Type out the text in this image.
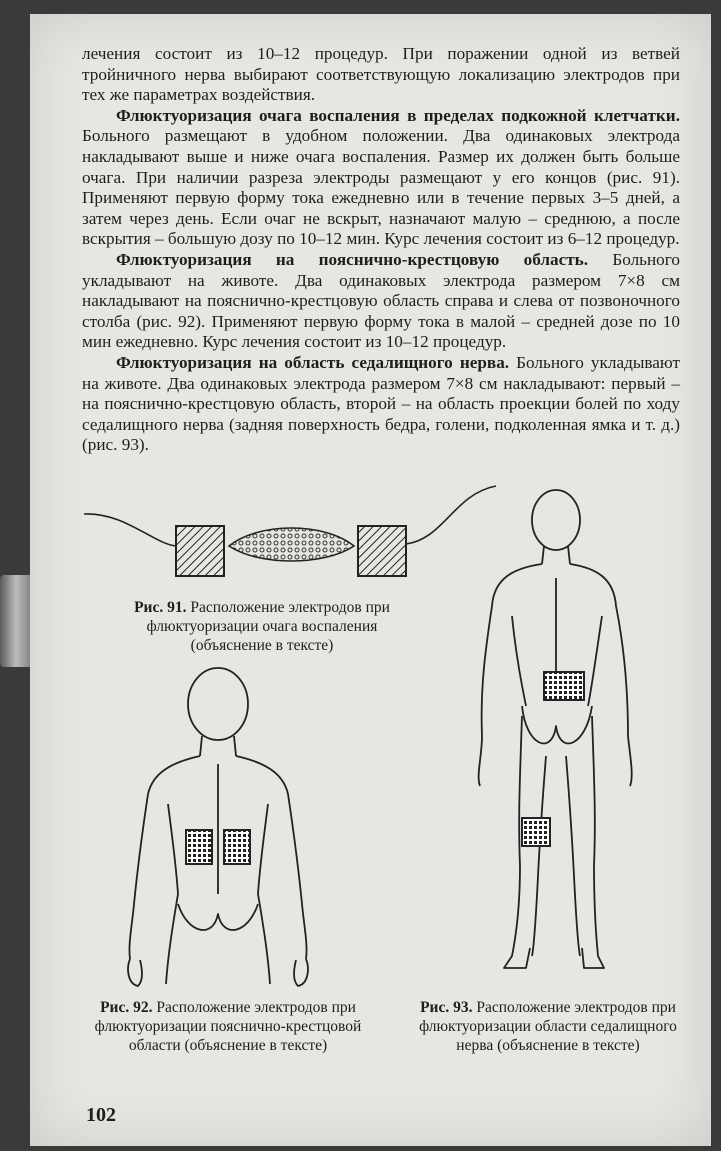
лечения состоит из 10–12 процедур. При поражении одной из ветвей тройничного нерва выбирают соответствующую локализацию электродов при тех же параметрах воздействия.

Флюктуоризация очага воспаления в пределах подкожной клетчатки. Больного размещают в удобном положении. Два одинаковых электрода накладывают выше и ниже очага воспаления. Размер их должен быть больше очага. При наличии разреза электроды размещают у его концов (рис. 91). Применяют первую форму тока ежедневно или в течение первых 3–5 дней, а затем через день. Если очаг не вскрыт, назначают малую – среднюю, а после вскрытия – большую дозу по 10–12 мин. Курс лечения состоит из 6–12 процедур.

Флюктуоризация на пояснично-крестцовую область. Больного укладывают на животе. Два одинаковых электрода размером 7×8 см накладывают на пояснично-крестцовую область справа и слева от позвоночного столба (рис. 92). Применяют первую форму тока в малой – средней дозе по 10 мин ежедневно. Курс лечения состоит из 10–12 процедур.

Флюктуоризация на область седалищного нерва. Больного укладывают на животе. Два одинаковых электрода размером 7×8 см накладывают: первый – на пояснично-крестцовую область, второй – на область проекции болей по ходу седалищного нерва (задняя поверхность бедра, голени, подколенная ямка и т. д.) (рис. 93).

Рис. 91. Расположение электродов при флюктуоризации очага воспаления (объяснение в тексте)
Рис. 92. Расположение электродов при флюктуоризации пояснично-крестцовой области (объяснение в тексте)
Рис. 93. Расположение электродов при флюктуоризации области седалищного нерва (объяснение в тексте)
102
